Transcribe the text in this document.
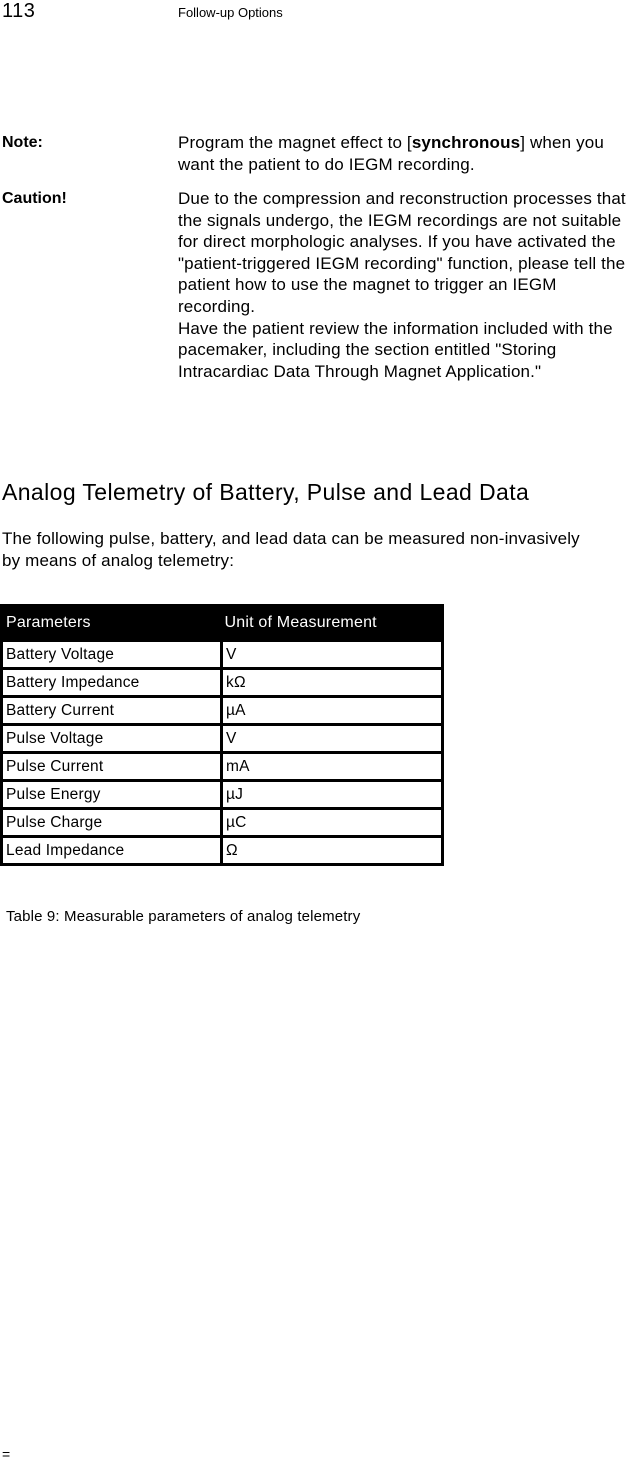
113	Follow-up Options
Note:	Program the magnet effect to [synchronous] when you want the patient to do IEGM recording.

Caution!	Due to the compression and reconstruction processes that the signals undergo, the IEGM recordings are not suitable for direct morphologic analyses. If you have activated the "patient-triggered IEGM recording" function, please tell the patient how to use the magnet to trigger an IEGM recording.

Have the patient review the information included with the pacemaker, including the section entitled "Storing Intracardiac Data Through Magnet Application."

Analog Telemetry of Battery, Pulse and Lead Data

The following pulse, battery, and lead data can be measured non-invasively by means of analog telemetry:

Parameters	Unit of Measurement
Battery Voltage	V
Battery Impedance	kΩ
Battery Current	µA
Pulse Voltage	V
Pulse Current	mA
Pulse Energy	µJ
Pulse Charge	µC
Lead Impedance	Ω
Table 9: Measurable parameters of analog telemetry
=
